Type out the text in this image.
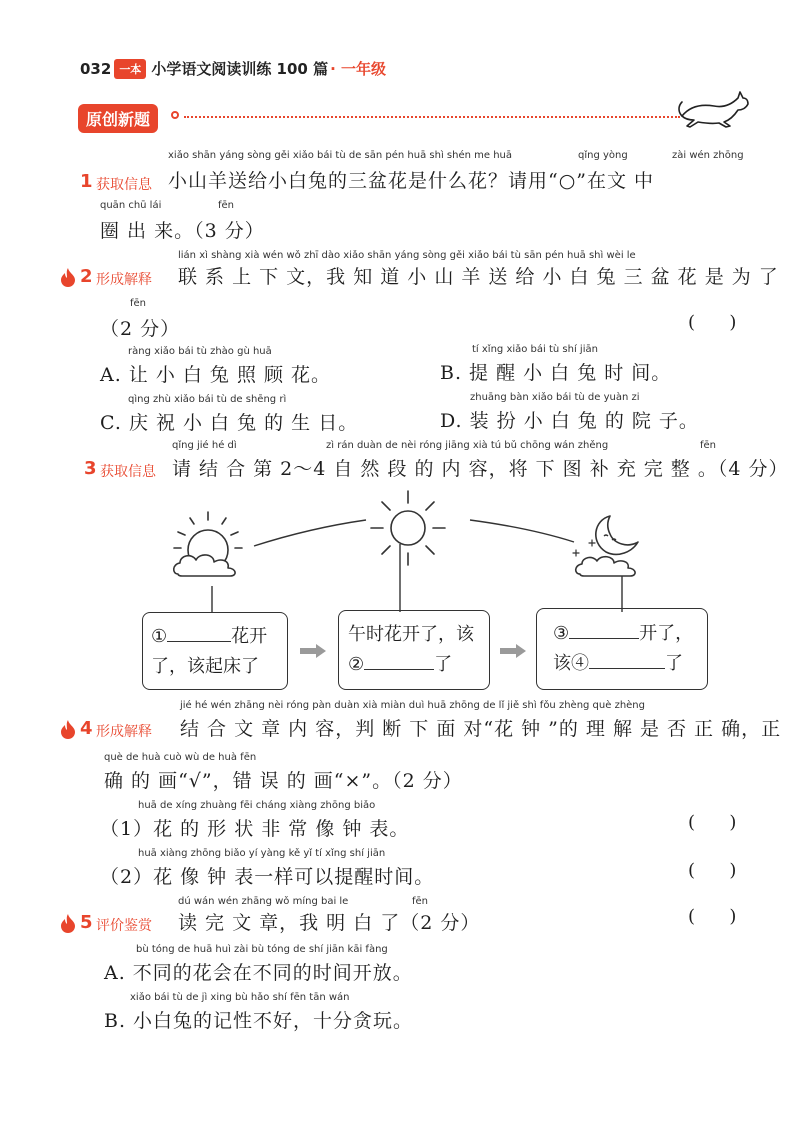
032 一本 小学语文阅读训练 100 篇 · 一年级
原创新题
xiǎo shān yáng sòng gěi xiǎo bái tù de sān pén huā shì shén me huā	qǐng yòng	zài wén zhōng
1 获取信息 小山羊送给小白兔的三盆花是什么花？请用“○”在文 中
quān chū lái	fēn
圈 出 来。（3 分）
lián xì shàng xià wén wǒ zhī dào xiǎo shān yáng sòng gěi xiǎo bái tù sān pén huā shì wèi le
2 形成解释 联 系 上 下 文，我 知 道 小 山 羊 送 给 小 白 兔 三 盆 花 是 为 了
fēn
（2 分）	(      )
ràng xiǎo bái tù zhào gù huā
A. 让 小 白 兔 照 顾 花。
tí xǐng xiǎo bái tù shí jiān
B. 提 醒 小 白 兔 时 间。
qìng zhù xiǎo bái tù de shēng rì
C. 庆 祝 小 白 兔 的 生 日。
zhuāng bàn xiǎo bái tù de yuàn zi
D. 装 扮 小 白 兔 的 院 子。
qǐng jié hé dì	zì rán duàn de nèi róng jiāng xià tú bǔ chōng wán zhěng	fēn
3 获取信息 请 结 合 第 2～4 自 然 段 的 内 容，将 下 图 补 充 完 整 。（4 分）
①	花开
了，该起床了
午时花开了，该
②	了
③	开了，
该④	了
jié hé wén zhāng nèi róng pàn duàn xià miàn duì huā zhōng de lǐ jiě shì fǒu zhèng què zhèng
4 形成解释 结 合 文 章 内 容，判 断 下 面 对“花 钟 ”的 理 解 是 否 正 确，正
què de huà cuò wù de huà fēn
确 的 画“√”，错 误 的 画“×”。（2 分）
huā de xíng zhuàng fēi cháng xiàng zhōng biǎo
（1）花 的 形 状 非 常 像 钟 表。	(      )
huā xiàng zhōng biǎo yí yàng kě yǐ tí xǐng shí jiān
（2）花 像 钟 表一样可以提醒时间。	(      )
dú wán wén zhāng wǒ míng bai le	fēn
5 评价鉴赏 读 完 文 章，我 明 白 了（2 分）	(      )
bù tóng de huā huì zài bù tóng de shí jiān kāi fàng
A. 不同的花会在不同的时间开放。
xiǎo bái tù de jì xing bù hǎo shí fēn tān wán
B. 小白兔的记性不好，十分贪玩。
